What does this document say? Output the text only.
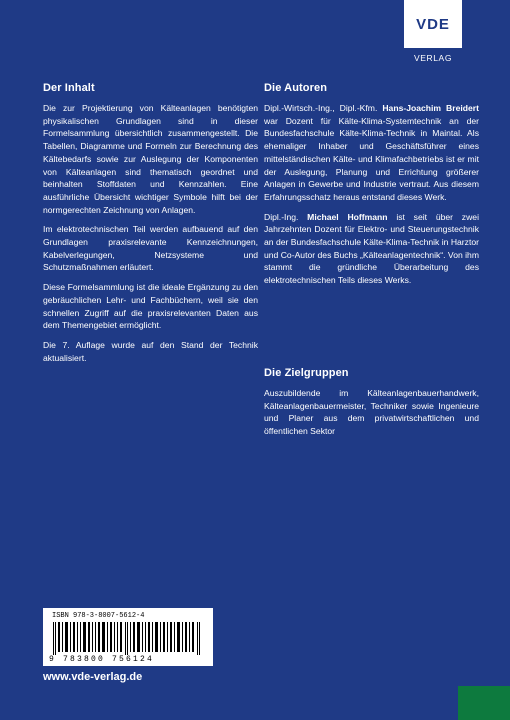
VDE
VERLAG
Der Inhalt

Die zur Projektierung von Kälteanlagen benötigten physikalischen Grundlagen sind in dieser Formelsammlung übersichtlich zusammengestellt. Die Tabellen, Diagramme und Formeln zur Berechnung des Kältebedarfs sowie zur Auslegung der Komponenten von Kälteanlagen sind thematisch geordnet und beinhalten Stoffdaten und Kennzahlen. Eine ausführliche Übersicht wichtiger Symbole hilft bei der normgerechten Zeichnung von Anlagen.

Im elektrotechnischen Teil werden aufbauend auf den Grundlagen praxisrelevante Kennzeichnungen, Kabelverlegungen, Netzsysteme und Schutzmaßnahmen erläutert.

Diese Formelsammlung ist die ideale Ergänzung zu den gebräuchlichen Lehr- und Fachbüchern, weil sie den schnellen Zugriff auf die praxisrelevanten Daten aus dem Themengebiet ermöglicht.

Die 7. Auflage wurde auf den Stand der Technik aktualisiert.

Die Autoren

Dipl.-Wirtsch.-Ing., Dipl.-Kfm. Hans-Joachim Breidert war Dozent für Kälte-Klima-Systemtechnik an der Bundesfachschule Kälte-Klima-Technik in Maintal. Als ehemaliger Inhaber und Geschäftsführer eines mittelständischen Kälte- und Klimafachbetriebs ist er mit der Auslegung, Planung und Errichtung größerer Anlagen in Gewerbe und Industrie vertraut. Aus diesem Erfahrungsschatz heraus entstand dieses Werk.

Dipl.-Ing. Michael Hoffmann ist seit über zwei Jahrzehnten Dozent für Elektro- und Steuerungstechnik an der Bundesfachschule Kälte-Klima-Technik in Harztor und Co-Autor des Buchs „Kälteanlagentechnik“. Von ihm stammt die gründliche Überarbeitung des elektrotechnischen Teils dieses Werks.

Die Zielgruppen

Auszubildende im Kälteanlagenbauerhandwerk, Kälteanlagenbauermeister, Techniker sowie Ingenieure und Planer aus dem privatwirtschaftlichen und öffentlichen Sektor

ISBN 978-3-8007-5612-4
9 783800 756124
www.vde-verlag.de
